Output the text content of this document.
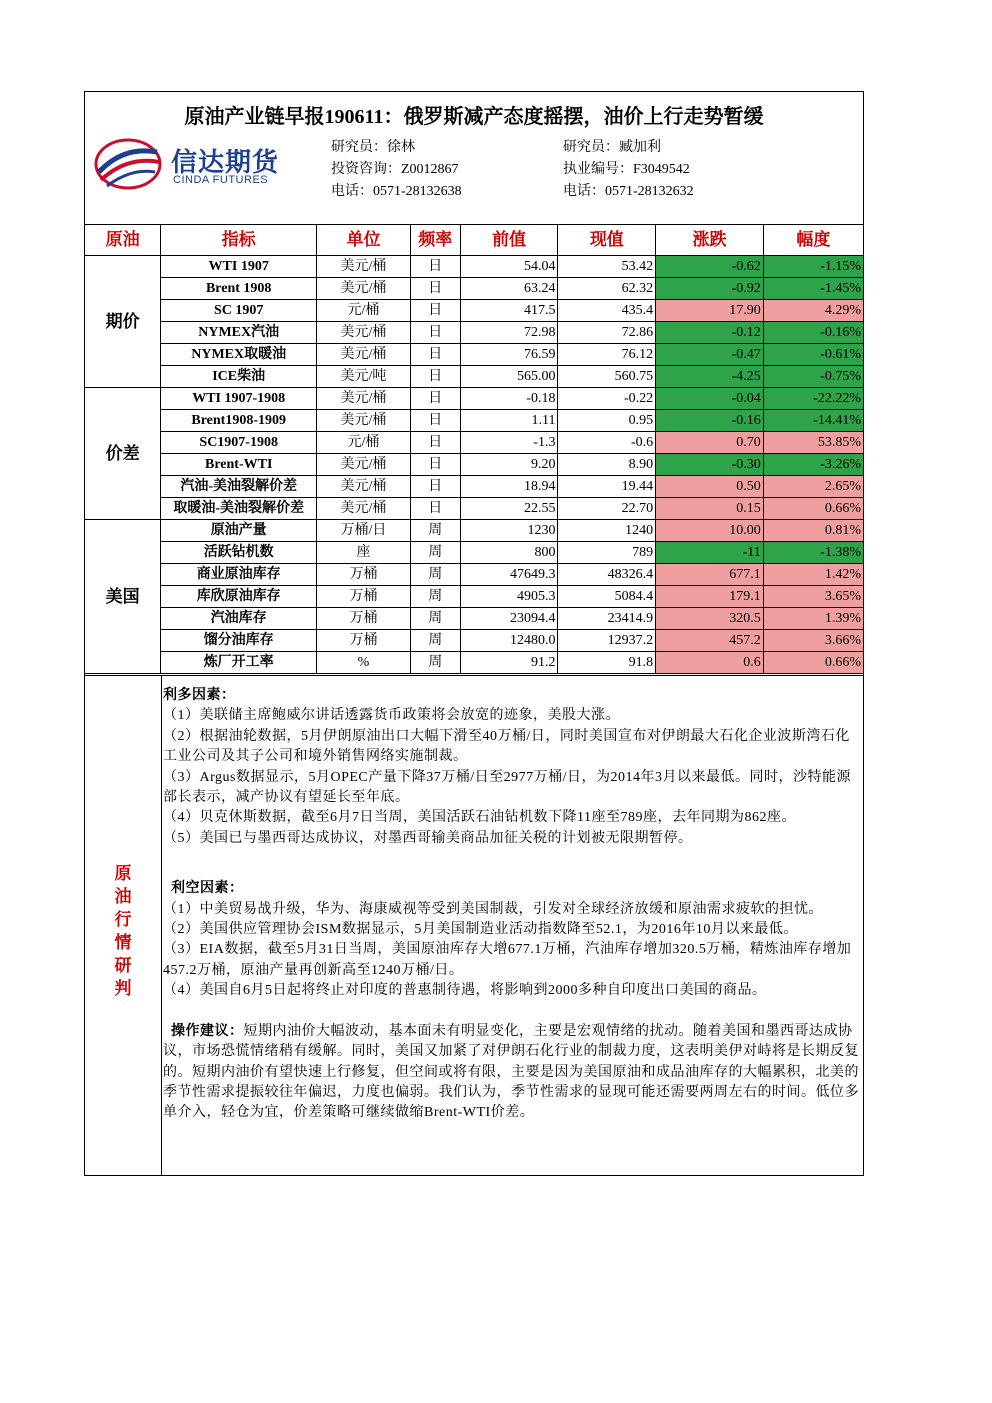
原油产业链早报190611：俄罗斯减产态度摇摆，油价上行走势暂缓
信达期货
CINDA FUTURES
研究员：徐林
投资咨询：Z0012867
电话：0571-28132638
研究员：臧加利
执业编号：F3049542
电话：0571-28132632
原油	指标	单位	频率	前值	现值	涨跌	幅度
期价	WTI 1907	美元/桶	日	54.04	53.42	-0.62	-1.15%
	Brent 1908	美元/桶	日	63.24	62.32	-0.92	-1.45%
	SC 1907	元/桶	日	417.5	435.4	17.90	4.29%
	NYMEX汽油	美元/桶	日	72.98	72.86	-0.12	-0.16%
	NYMEX取暖油	美元/桶	日	76.59	76.12	-0.47	-0.61%
	ICE柴油	美元/吨	日	565.00	560.75	-4.25	-0.75%
价差	WTI 1907-1908	美元/桶	日	-0.18	-0.22	-0.04	-22.22%
	Brent1908-1909	美元/桶	日	1.11	0.95	-0.16	-14.41%
	SC1907-1908	元/桶	日	-1.3	-0.6	0.70	53.85%
	Brent-WTI	美元/桶	日	9.20	8.90	-0.30	-3.26%
	汽油-美油裂解价差	美元/桶	日	18.94	19.44	0.50	2.65%
	取暖油-美油裂解价差	美元/桶	日	22.55	22.70	0.15	0.66%
美国	原油产量	万桶/日	周	1230	1240	10.00	0.81%
	活跃钻机数	座	周	800	789	-11	-1.38%
	商业原油库存	万桶	周	47649.3	48326.4	677.1	1.42%
	库欣原油库存	万桶	周	4905.3	5084.4	179.1	3.65%
	汽油库存	万桶	周	23094.4	23414.9	320.5	1.39%
	馏分油库存	万桶	周	12480.0	12937.2	457.2	3.66%
	炼厂开工率	%	周	91.2	91.8	0.6	0.66%
原
油
行
情
研
判

利多因素：

（1）美联储主席鲍威尔讲话透露货币政策将会放宽的迹象，美股大涨。

（2）根据油轮数据，5月伊朗原油出口大幅下滑至40万桶/日，同时美国宣布对伊朗最大石化企业波斯湾石化工业公司及其子公司和境外销售网络实施制裁。

（3）Argus数据显示，5月OPEC产量下降37万桶/日至2977万桶/日，为2014年3月以来最低。同时，沙特能源部长表示，减产协议有望延长至年底。

（4）贝克休斯数据，截至6月7日当周，美国活跃石油钻机数下降11座至789座，去年同期为862座。

（5）美国已与墨西哥达成协议，对墨西哥输美商品加征关税的计划被无限期暂停。

利空因素：

（1）中美贸易战升级，华为、海康威视等受到美国制裁，引发对全球经济放缓和原油需求疲软的担忧。

（2）美国供应管理协会ISM数据显示，5月美国制造业活动指数降至52.1，为2016年10月以来最低。

（3）EIA数据，截至5月31日当周，美国原油库存大增677.1万桶，汽油库存增加320.5万桶，精炼油库存增加457.2万桶，原油产量再创新高至1240万桶/日。

（4）美国自6月5日起将终止对印度的普惠制待遇，将影响到2000多种自印度出口美国的商品。

操作建议：短期内油价大幅波动，基本面未有明显变化，主要是宏观情绪的扰动。随着美国和墨西哥达成协议，市场恐慌情绪稍有缓解。同时，美国又加紧了对伊朗石化行业的制裁力度，这表明美伊对峙将是长期反复的。短期内油价有望快速上行修复，但空间或将有限，主要是因为美国原油和成品油库存的大幅累积，北美的季节性需求提振较往年偏迟，力度也偏弱。我们认为，季节性需求的显现可能还需要两周左右的时间。低位多单介入，轻仓为宜，价差策略可继续做缩Brent-WTI价差。
